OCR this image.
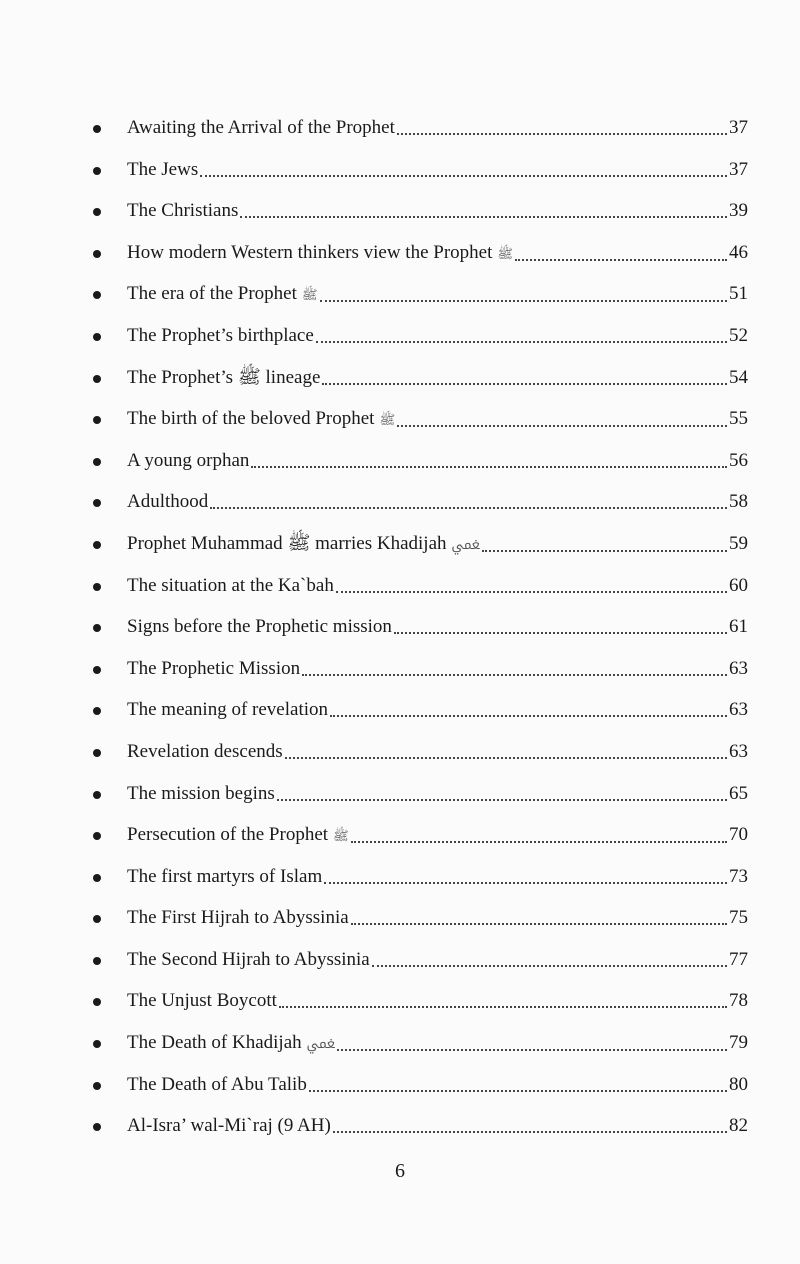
Awaiting the Arrival of the Prophet	37
The Jews	37
The Christians	39
How modern Western thinkers view the Prophet ﷺ	46
The era of the Prophet ﷺ	51
The Prophet’s birthplace	52
The Prophet’s ﷺ lineage	54
The birth of the beloved Prophet ﷺ	55
A young orphan	56
Adulthood	58
Prophet Muhammad ﷺ marries Khadijah ﵺ	59
The situation at the Ka`bah	60
Signs before the Prophetic mission	61
The Prophetic Mission	63
The meaning of revelation	63
Revelation descends	63
The mission begins	65
Persecution of the Prophet ﷺ	70
The first martyrs of Islam	73
The First Hijrah to Abyssinia	75
The Second Hijrah to Abyssinia	77
The Unjust Boycott	78
The Death of Khadijah ﵺ	79
The Death of Abu Talib	80
Al-Isra’ wal-Mi`raj (9 AH)	82
6
